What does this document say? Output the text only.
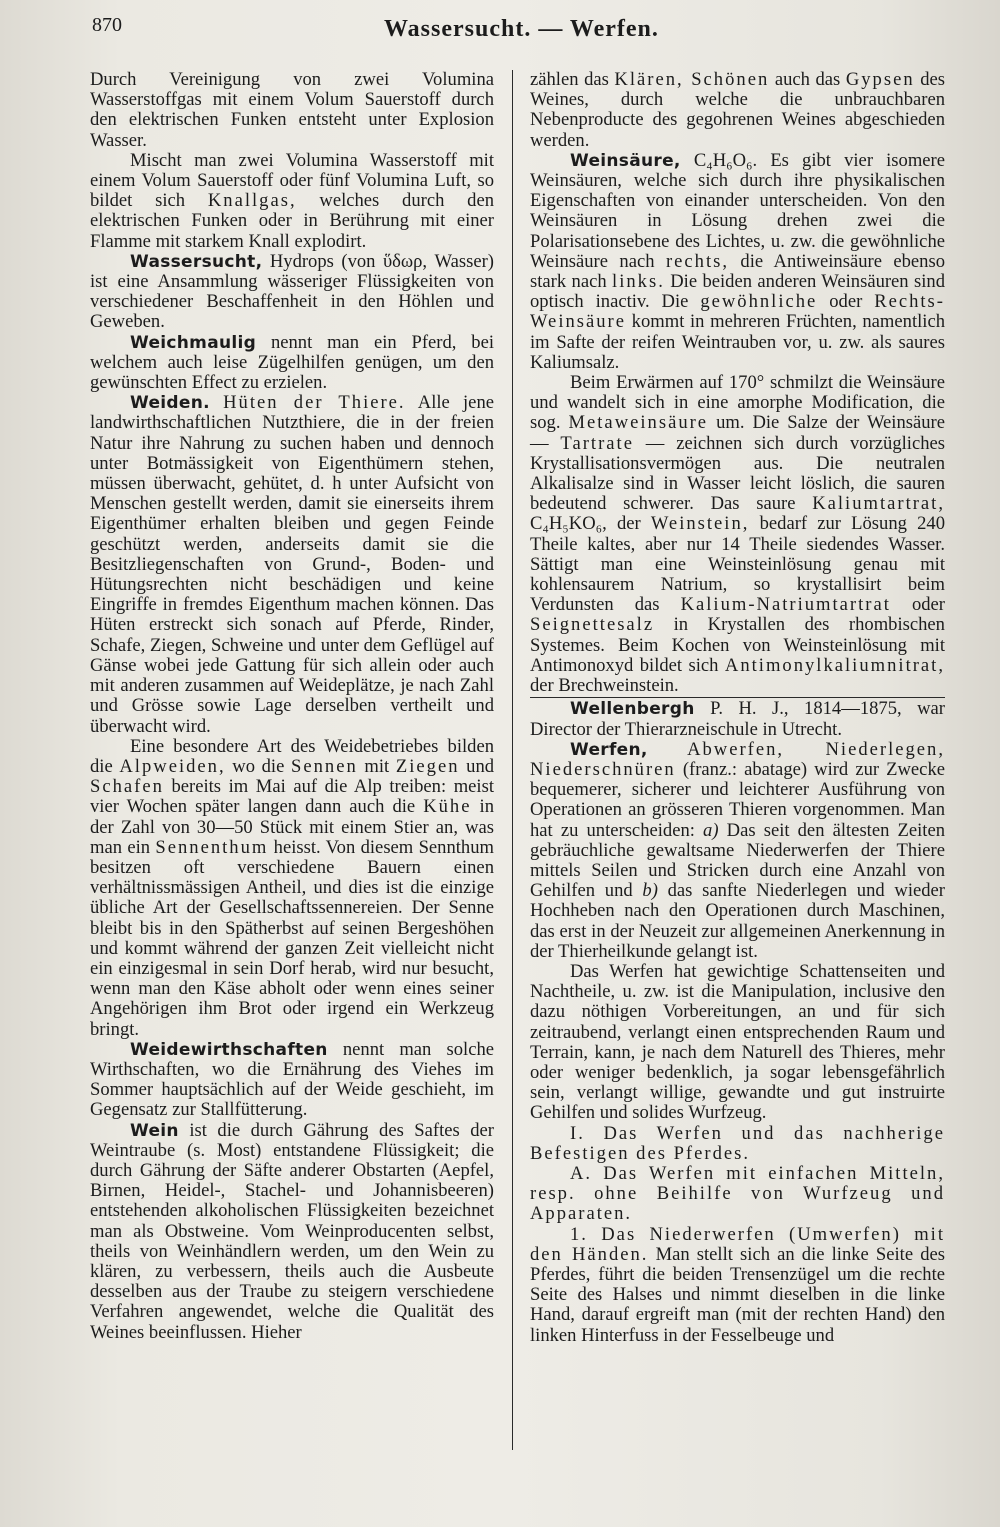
870	Wassersucht. — Werfen.

Durch Vereinigung von zwei Volumina Wasserstoffgas mit einem Volum Sauerstoff durch den elektrischen Funken entsteht unter Explosion Wasser.

Mischt man zwei Volumina Wasserstoff mit einem Volum Sauerstoff oder fünf Volumina Luft, so bildet sich Knallgas, welches durch den elektrischen Funken oder in Berührung mit einer Flamme mit starkem Knall explodirt.

Wassersucht, Hydrops (von ὕδωρ, Wasser) ist eine Ansammlung wässeriger Flüssigkeiten von verschiedener Beschaffenheit in den Höhlen und Geweben.

Weichmaulig nennt man ein Pferd, bei welchem auch leise Zügelhilfen genügen, um den gewünschten Effect zu erzielen.

Weiden. Hüten der Thiere. Alle jene landwirthschaftlichen Nutzthiere, die in der freien Natur ihre Nahrung zu suchen haben und dennoch unter Botmässigkeit von Eigenthümern stehen, müssen überwacht, gehütet, d. h unter Aufsicht von Menschen gestellt werden, damit sie einerseits ihrem Eigenthümer erhalten bleiben und gegen Feinde geschützt werden, anderseits damit sie die Besitzliegenschaften von Grund-, Boden- und Hütungsrechten nicht beschädigen und keine Eingriffe in fremdes Eigenthum machen können. Das Hüten erstreckt sich sonach auf Pferde, Rinder, Schafe, Ziegen, Schweine und unter dem Geflügel auf Gänse wobei jede Gattung für sich allein oder auch mit anderen zusammen auf Weideplätze, je nach Zahl und Grösse sowie Lage derselben vertheilt und überwacht wird.

Eine besondere Art des Weidebetriebes bilden die Alpweiden, wo die Sennen mit Ziegen und Schafen bereits im Mai auf die Alp treiben: meist vier Wochen später langen dann auch die Kühe in der Zahl von 30—50 Stück mit einem Stier an, was man ein Sennenthum heisst. Von diesem Sennthum besitzen oft verschiedene Bauern einen verhältnissmässigen Antheil, und dies ist die einzige übliche Art der Gesellschaftssennereien. Der Senne bleibt bis in den Spätherbst auf seinen Bergeshöhen und kommt während der ganzen Zeit vielleicht nicht ein einzigesmal in sein Dorf herab, wird nur besucht, wenn man den Käse abholt oder wenn eines seiner Angehörigen ihm Brot oder irgend ein Werkzeug bringt.

Weidewirthschaften nennt man solche Wirthschaften, wo die Ernährung des Viehes im Sommer hauptsächlich auf der Weide geschieht, im Gegensatz zur Stallfütterung.

Wein ist die durch Gährung des Saftes der Weintraube (s. Most) entstandene Flüssigkeit; die durch Gährung der Säfte anderer Obstarten (Aepfel, Birnen, Heidel-, Stachel- und Johannisbeeren) entstehenden alkoholischen Flüssigkeiten bezeichnet man als Obstweine. Vom Weinproducenten selbst, theils von Weinhändlern werden, um den Wein zu klären, zu verbessern, theils auch die Ausbeute desselben aus der Traube zu steigern verschiedene Verfahren angewendet, welche die Qualität des Weines beeinflussen. Hieher

zählen das Klären, Schönen auch das Gypsen des Weines, durch welche die unbrauchbaren Nebenproducte des gegohrenen Weines abgeschieden werden.

Weinsäure, C₄H₆O₆. Es gibt vier isomere Weinsäuren, welche sich durch ihre physikalischen Eigenschaften von einander unterscheiden. Von den Weinsäuren in Lösung drehen zwei die Polarisationsebene des Lichtes, u. zw. die gewöhnliche Weinsäure nach rechts, die Antiweinsäure ebenso stark nach links. Die beiden anderen Weinsäuren sind optisch inactiv. Die gewöhnliche oder Rechts-Weinsäure kommt in mehreren Früchten, namentlich im Safte der reifen Weintrauben vor, u. zw. als saures Kaliumsalz.

Beim Erwärmen auf 170° schmilzt die Weinsäure und wandelt sich in eine amorphe Modification, die sog. Metaweinsäure um. Die Salze der Weinsäure — Tartrate — zeichnen sich durch vorzügliches Krystallisationsvermögen aus. Die neutralen Alkalisalze sind in Wasser leicht löslich, die sauren bedeutend schwerer. Das saure Kaliumtartrat, C₄H₅KO₆, der Weinstein, bedarf zur Lösung 240 Theile kaltes, aber nur 14 Theile siedendes Wasser. Sättigt man eine Weinsteinlösung genau mit kohlensaurem Natrium, so krystallisirt beim Verdunsten das Kalium-Natriumtartrat oder Seignettesalz in Krystallen des rhombischen Systemes. Beim Kochen von Weinsteinlösung mit Antimonoxyd bildet sich Antimonylkaliumnitrat, der Brechweinstein.

Wellenbergh P. H. J., 1814—1875, war Director der Thierarzneischule in Utrecht.

Werfen, Abwerfen, Niederlegen, Niederschnüren (franz.: abatage) wird zur Zwecke bequemerer, sicherer und leichterer Ausführung von Operationen an grösseren Thieren vorgenommen. Man hat zu unterscheiden: a) Das seit den ältesten Zeiten gebräuchliche gewaltsame Niederwerfen der Thiere mittels Seilen und Stricken durch eine Anzahl von Gehilfen und b) das sanfte Niederlegen und wieder Hochheben nach den Operationen durch Maschinen, das erst in der Neuzeit zur allgemeinen Anerkennung in der Thierheilkunde gelangt ist.

Das Werfen hat gewichtige Schattenseiten und Nachtheile, u. zw. ist die Manipulation, inclusive den dazu nöthigen Vorbereitungen, an und für sich zeitraubend, verlangt einen entsprechenden Raum und Terrain, kann, je nach dem Naturell des Thieres, mehr oder weniger bedenklich, ja sogar lebensgefährlich sein, verlangt willige, gewandte und gut instruirte Gehilfen und solides Wurfzeug.

I. Das Werfen und das nachherige Befestigen des Pferdes.

A. Das Werfen mit einfachen Mitteln, resp. ohne Beihilfe von Wurfzeug und Apparaten.

1. Das Niederwerfen (Umwerfen) mit den Händen. Man stellt sich an die linke Seite des Pferdes, führt die beiden Trensenzügel um die rechte Seite des Halses und nimmt dieselben in die linke Hand, darauf ergreift man (mit der rechten Hand) den linken Hinterfuss in der Fesselbeuge und
